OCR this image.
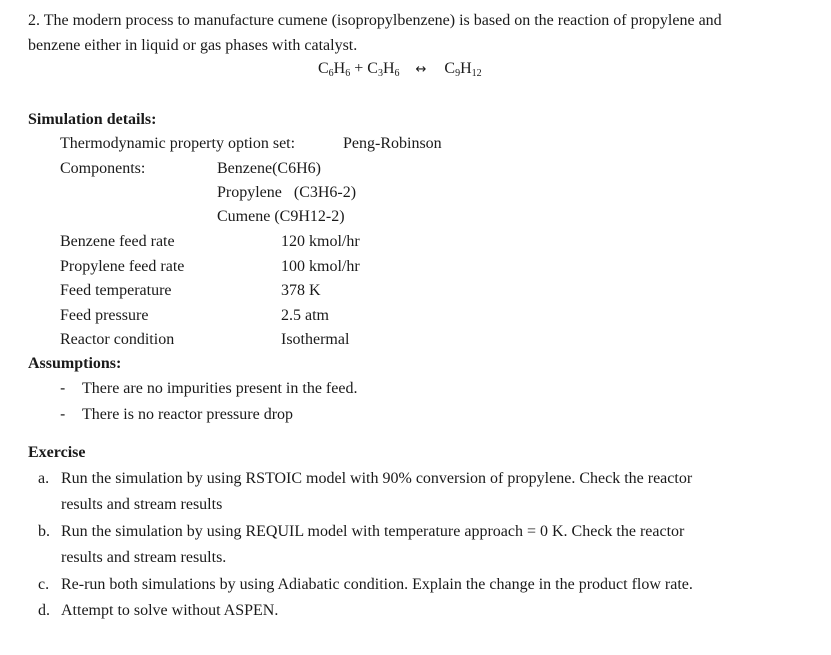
2. The modern process to manufacture cumene (isopropylbenzene) is based on the reaction of propylene and
benzene either in liquid or gas phases with catalyst.
$C_6H_6 + C_3H_6$ ↔ $C_9H_{12}$
Simulation details:
Thermodynamic property option set:	Peng-Robinson
Components:	Benzene(C6H6)
Propylene   (C3H6-2)
Cumene (C9H12-2)
Benzene feed rate	120 kmol/hr
Propylene feed rate	100 kmol/hr
Feed temperature	378 K
Feed pressure	2.5 atm
Reactor condition	Isothermal
Assumptions:
- There are no impurities present in the feed.
- There is no reactor pressure drop
Exercise
a. Run the simulation by using RSTOIC model with 90% conversion of propylene. Check the reactor
results and stream results
b. Run the simulation by using REQUIL model with temperature approach = 0 K. Check the reactor
results and stream results.
c. Re-run both simulations by using Adiabatic condition. Explain the change in the product flow rate.
d. Attempt to solve without ASPEN.
